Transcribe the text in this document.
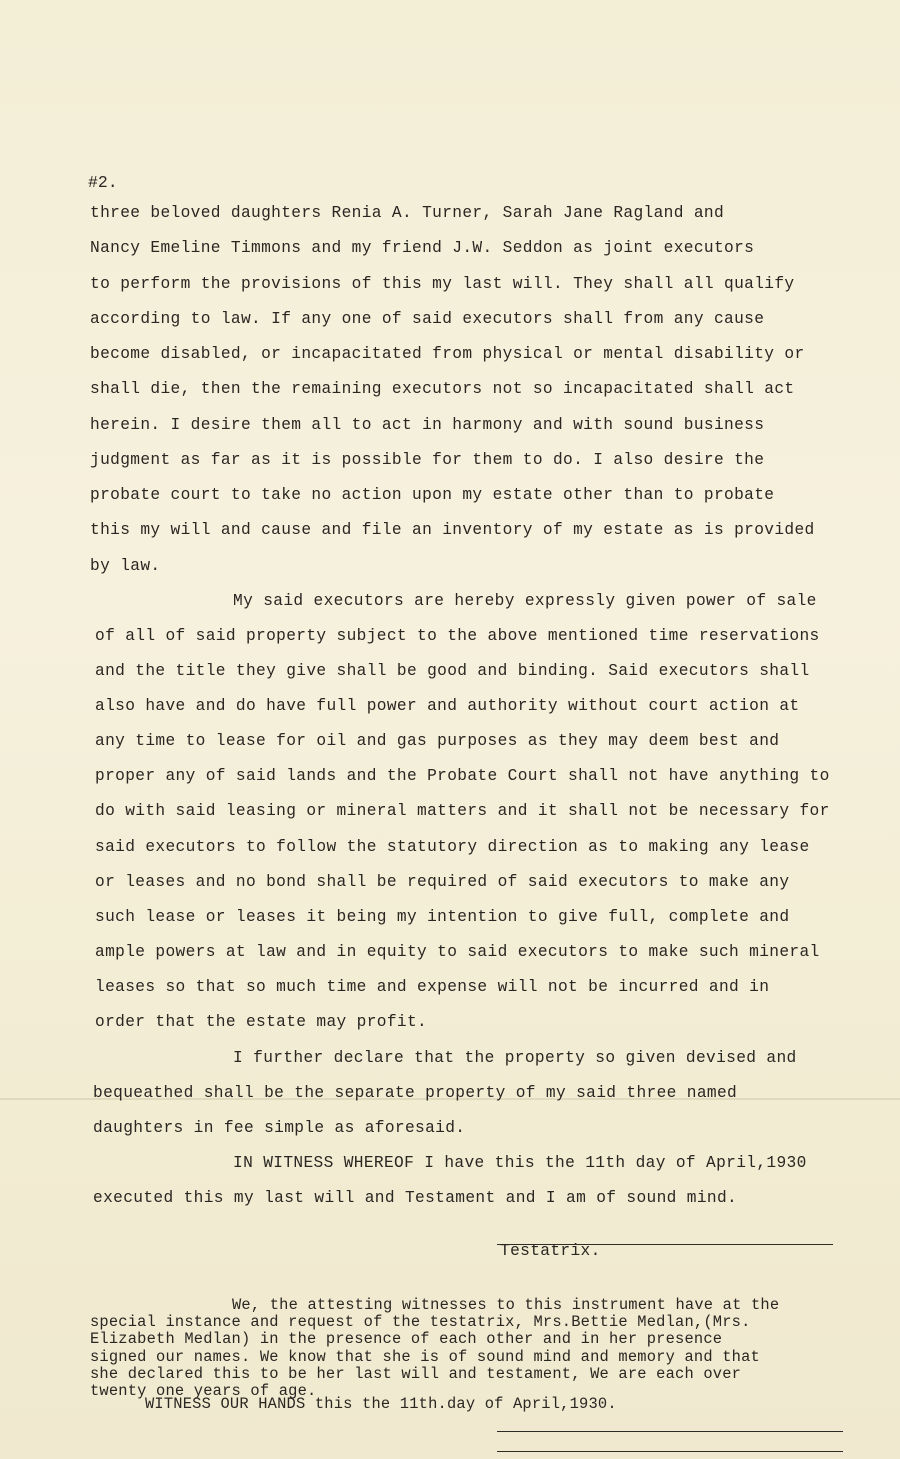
#2.
three beloved daughters Renia A. Turner, Sarah Jane Ragland and
Nancy Emeline Timmons and my friend J.W. Seddon as joint executors
to perform the provisions of this my last will. They shall all qualify
according to law. If any one of said executors shall from any cause
become disabled, or incapacitated from physical or mental disability or
shall die, then the remaining executors not so incapacitated shall act
herein. I desire them all to act in harmony and with sound business
judgment as far as it is possible for them to do. I also desire the
probate court to take no action upon my estate other than to probate
this my will and cause and file an inventory of my estate as is provided
by law.
My said executors are hereby expressly given power of sale
of all of said property subject to the above mentioned time reservations
and the title they give shall be good and binding. Said executors shall
also have and do have full power and authority without court action at
any time to lease for oil and gas purposes as they may deem best and
proper any of said lands and the Probate Court shall not have anything to
do with said leasing or mineral matters and it shall not be necessary for
said executors to follow the statutory direction as to making any lease
or leases and no bond shall be required of said executors to make any
such lease or leases it being my intention to give full, complete and
ample powers at law and in equity to said executors to make such mineral
leases so that so much time and expense will not be incurred and in
order that the estate may profit.
I further declare that the property so given devised and
bequeathed shall be the separate property of my said three named
daughters in fee simple as aforesaid.
IN WITNESS WHEREOF I have this the 11th day of April,1930
executed this my last will and Testament and I am of sound mind.
Testatrix.
We, the attesting witnesses to this instrument have at the
special instance and request of the testatrix, Mrs.Bettie Medlan,(Mrs.
Elizabeth Medlan) in the presence of each other and in her presence
signed our names. We know that she is of sound mind and memory and that
she declared this to be her last will and testament, We are each over
twenty one years of age.
WITNESS OUR HANDS this the 11th.day of April,1930.
